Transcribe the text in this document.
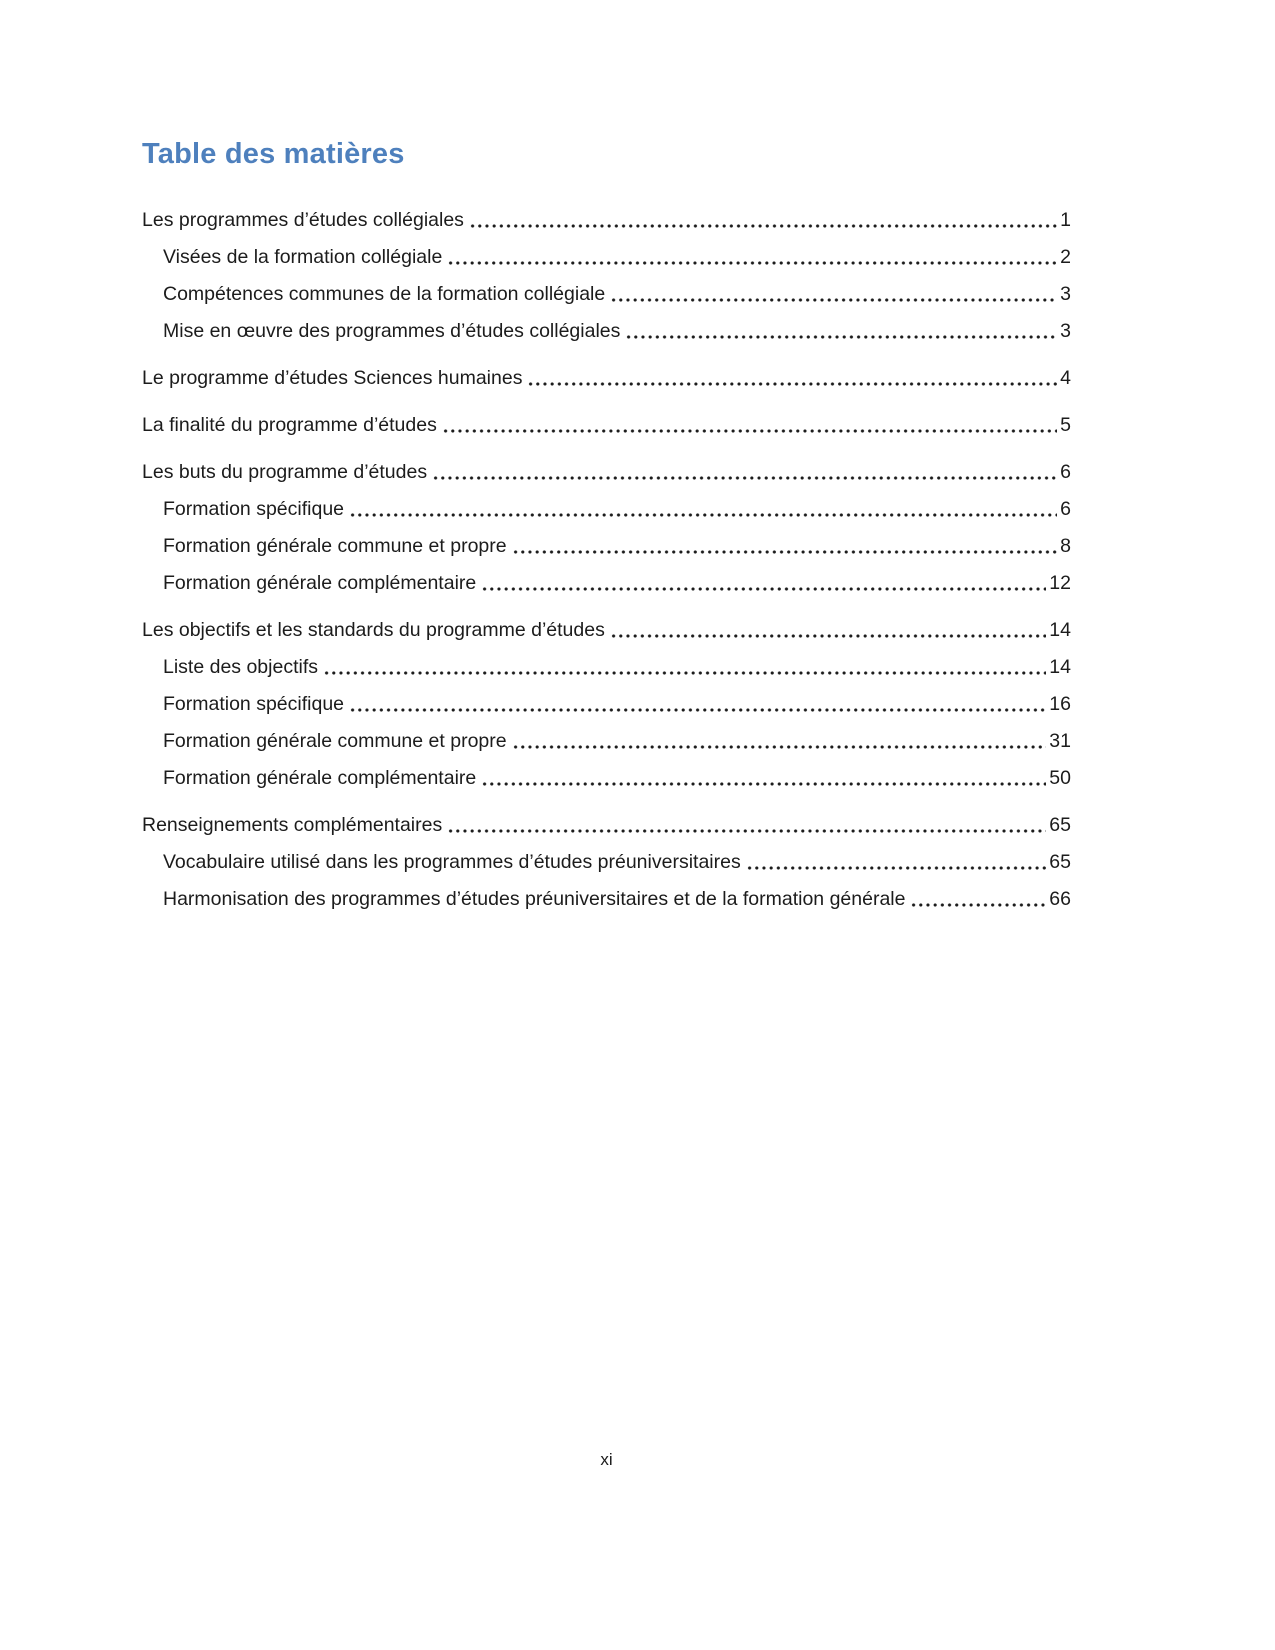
Table des matières
Les programmes d’études collégiales	1
Visées de la formation collégiale	2
Compétences communes de la formation collégiale	3
Mise en œuvre des programmes d’études collégiales	3
Le programme d’études Sciences humaines	4
La finalité du programme d’études	5
Les buts du programme d’études	6
Formation spécifique	6
Formation générale commune et propre	8
Formation générale complémentaire	12
Les objectifs et les standards du programme d’études	14
Liste des objectifs	14
Formation spécifique	16
Formation générale commune et propre	31
Formation générale complémentaire	50
Renseignements complémentaires	65
Vocabulaire utilisé dans les programmes d’études préuniversitaires	65
Harmonisation des programmes d’études préuniversitaires et de la formation générale	66
xi
